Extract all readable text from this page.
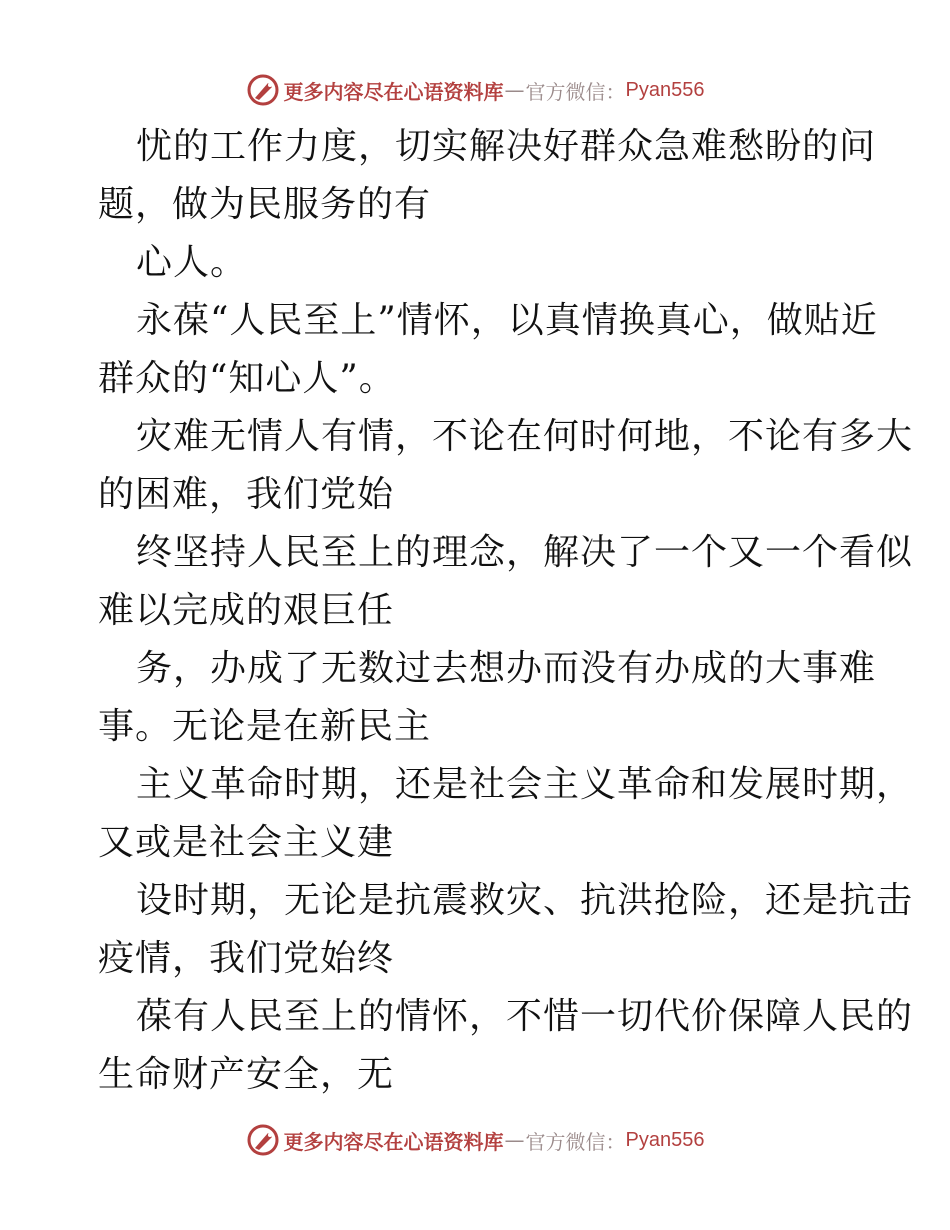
更多内容尽在心语资料库 — 官方微信： Pyan556
忧的工作力度，切实解决好群众急难愁盼的问
题，做为民服务的有
心人。
永葆“人民至上”情怀，以真情换真心，做贴近
群众的“知心人”。
灾难无情人有情，不论在何时何地，不论有多大
的困难，我们党始
终坚持人民至上的理念，解决了一个又一个看似
难以完成的艰巨任
务，办成了无数过去想办而没有办成的大事难
事。无论是在新民主
主义革命时期，还是社会主义革命和发展时期，
又或是社会主义建
设时期，无论是抗震救灾、抗洪抢险，还是抗击
疫情，我们党始终
葆有人民至上的情怀，不惜一切代价保障人民的
生命财产安全，无
更多内容尽在心语资料库 — 官方微信： Pyan556
